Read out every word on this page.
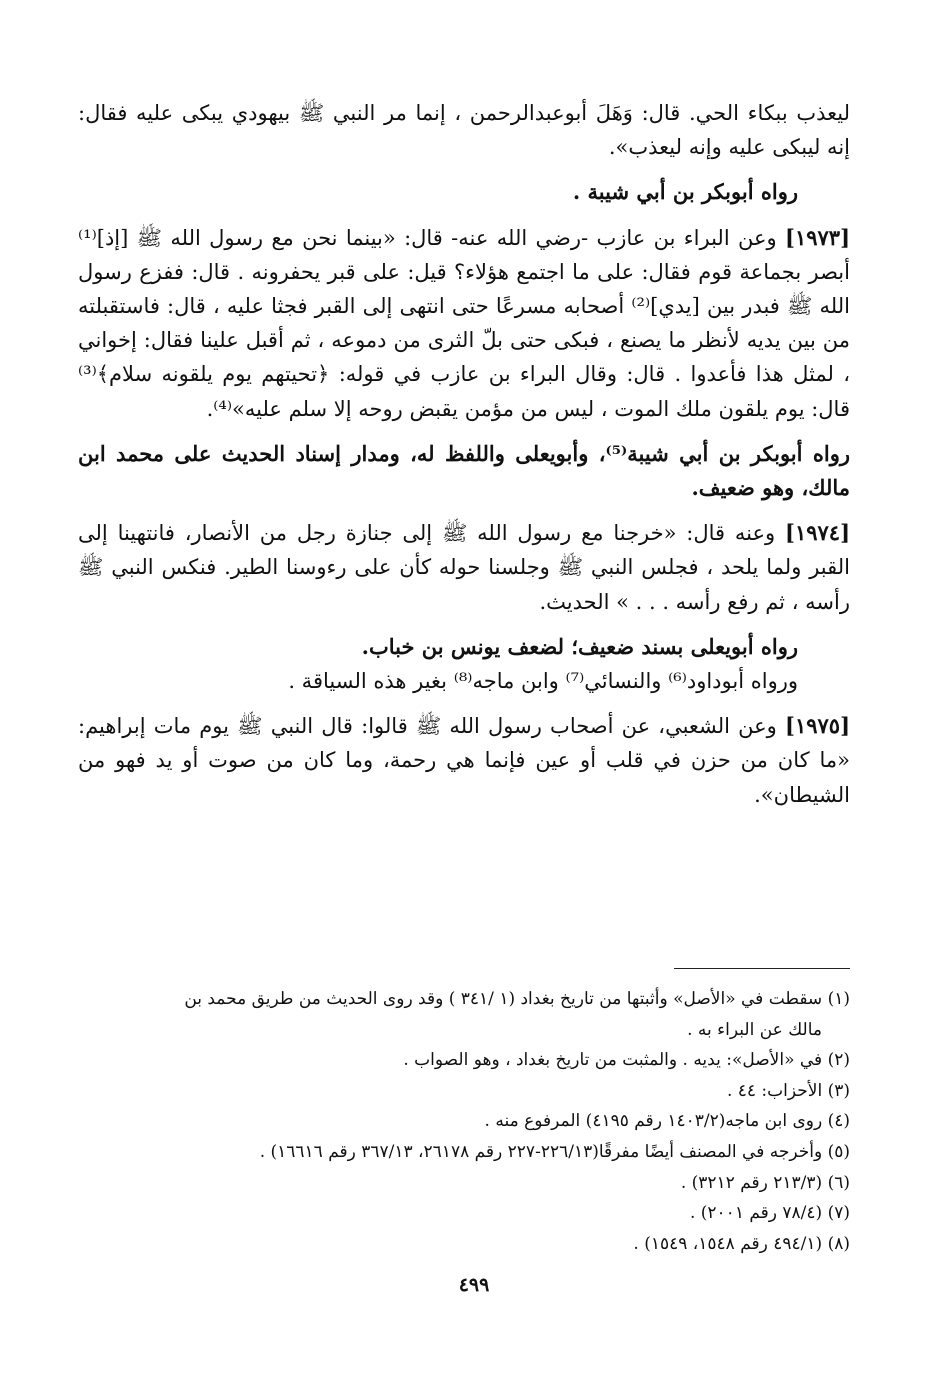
ليعذب ببكاء الحي. قال: وَهَلَ أبوعبدالرحمن ، إنما مر النبي ﷺ بيهودي يبكى عليه فقال: إنه ليبكى عليه وإنه ليعذب».

رواه أبوبكر بن أبي شيبة .

[١٩٧٣] وعن البراء بن عازب -رضي الله عنه- قال: «بينما نحن مع رسول الله ﷺ [إذ]⁽¹⁾ أبصر بجماعة قوم فقال: على ما اجتمع هؤلاء؟ قيل: على قبر يحفرونه . قال: ففزع رسول الله ﷺ فبدر بين [يدي]⁽²⁾ أصحابه مسرعًا حتى انتهى إلى القبر فجثا عليه ، قال: فاستقبلته من بين يديه لأنظر ما يصنع ، فبكى حتى بلّ الثرى من دموعه ، ثم أقبل علينا فقال: إخواني ، لمثل هذا فأعدوا . قال: وقال البراء بن عازب في قوله: ﴿تحيتهم يوم يلقونه سلام﴾⁽³⁾ قال: يوم يلقون ملك الموت ، ليس من مؤمن يقبض روحه إلا سلم عليه»⁽⁴⁾.

رواه أبوبكر بن أبي شيبة⁽⁵⁾، وأبويعلى واللفظ له، ومدار إسناد الحديث على محمد ابن مالك، وهو ضعيف.

[١٩٧٤] وعنه قال: «خرجنا مع رسول الله ﷺ إلى جنازة رجل من الأنصار، فانتهينا إلى القبر ولما يلحد ، فجلس النبي ﷺ وجلسنا حوله كأن على رءوسنا الطير. فنكس النبي ﷺ رأسه ، ثم رفع رأسه . . . » الحديث.

رواه أبويعلى بسند ضعيف؛ لضعف يونس بن خباب.

ورواه أبوداود⁽⁶⁾ والنسائي⁽⁷⁾ وابن ماجه⁽⁸⁾ بغير هذه السياقة .

[١٩٧٥] وعن الشعبي، عن أصحاب رسول الله ﷺ قالوا: قال النبي ﷺ يوم مات إبراهيم: «ما كان من حزن في قلب أو عين فإنما هي رحمة، وما كان من صوت أو يد فهو من الشيطان».

(١) سقطت في «الأصل» وأثبتها من تاريخ بغداد (١ /٣٤١ ) وقد روى الحديث من طريق محمد بن
مالك عن البراء به .

(٢) في «الأصل»: يديه . والمثبت من تاريخ بغداد ، وهو الصواب .

(٣) الأحزاب: ٤٤ .

(٤) روى ابن ماجه(١٤٠٣/٢ رقم ٤١٩٥) المرفوع منه .

(٥) وأخرجه في المصنف أيضًا مفرقًا(٢٢٦/١٣-٢٢٧ رقم ٢٦١٧٨، ٣٦٧/١٣ رقم ١٦٦١٦) .

(٦) (٢١٣/٣ رقم ٣٢١٢) .

(٧) (٧٨/٤ رقم ٢٠٠١) .

(٨) (٤٩٤/١ رقم ١٥٤٨، ١٥٤٩) .

٤٩٩
